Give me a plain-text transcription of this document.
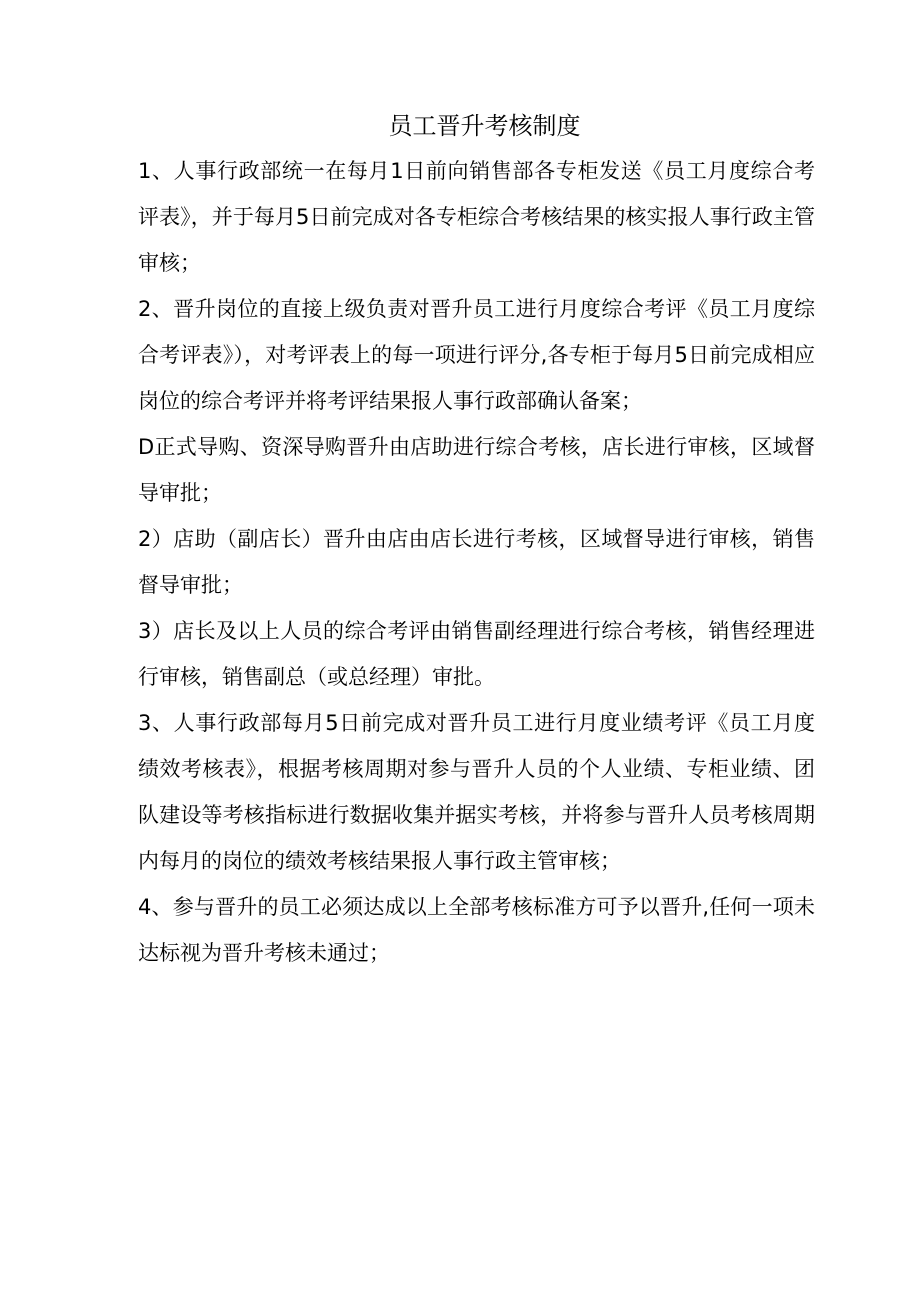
员工晋升考核制度

1、人事行政部统一在每月1日前向销售部各专柜发送《员工月度综合考评表》，并于每月5日前完成对各专柜综合考核结果的核实报人事行政主管审核；

2、晋升岗位的直接上级负责对晋升员工进行月度综合考评《员工月度综合考评表》），对考评表上的每一项进行评分,各专柜于每月5日前完成相应岗位的综合考评并将考评结果报人事行政部确认备案；

D正式导购、资深导购晋升由店助进行综合考核，店长进行审核，区域督导审批；

2）店助（副店长）晋升由店由店长进行考核，区域督导进行审核，销售督导审批；

3）店长及以上人员的综合考评由销售副经理进行综合考核，销售经理进行审核，销售副总（或总经理）审批。

3、人事行政部每月5日前完成对晋升员工进行月度业绩考评《员工月度绩效考核表》，根据考核周期对参与晋升人员的个人业绩、专柜业绩、团队建设等考核指标进行数据收集并据实考核，并将参与晋升人员考核周期内每月的岗位的绩效考核结果报人事行政主管审核；

4、参与晋升的员工必须达成以上全部考核标准方可予以晋升,任何一项未达标视为晋升考核未通过；
